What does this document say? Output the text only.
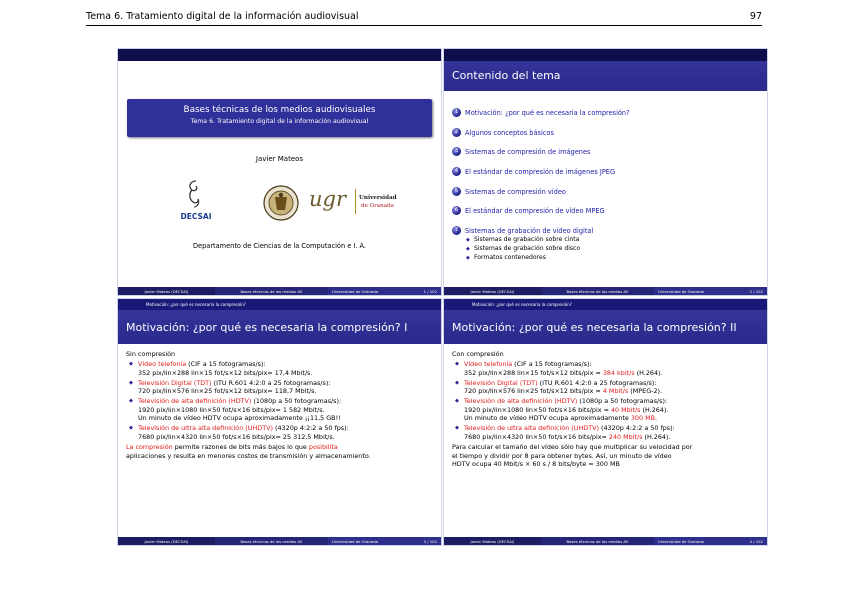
Tema 6. Tratamiento digital de la información audiovisual	97
Bases técnicas de los medios audiovisuales
Tema 6. Tratamiento digital de la información audiovisual
Javier Mateos
DECSAI
ugr Universidad
de Granada
Departamento de Ciencias de la Computación e I. A.
Javier Mateos (DECSAI)	Bases técnicas de los medios AV	Universidad de Granada	1 / 102
Contenido del tema
1	Motivación: ¿por qué es necesaria la compresión?
2	Algunos conceptos básicos
3	Sistemas de compresión de imágenes
4	El estándar de compresión de imágenes JPEG
5	Sistemas de compresión vídeo
6	El estándar de compresión de vídeo MPEG
7	Sistemas de grabación de vídeo digital
◆ Sistemas de grabación sobre cinta
◆ Sistemas de grabación sobre disco
◆ Formatos contenedores
Javier Mateos (DECSAI)	Bases técnicas de los medios AV	Universidad de Granada	2 / 102
Motivación: ¿por qué es necesaria la compresión?
Motivación: ¿por qué es necesaria la compresión? I

Sin compresión

◆ Vídeo telefonía (CIF a 15 fotogramas/s):
352 pix/lin×288 lin×15 fot/s×12 bits/pix= 17,4 Mbit/s.
◆ Televisión Digital (TDT) (ITU R.601 4:2:0 a 25 fotogramas/s):
720 pix/lin×576 lin×25 fot/s×12 bits/pix= 118,7 Mbit/s.
◆ Televisión de alta definición (HDTV) (1080p a 50 fotogramas/s):
1920 pix/lin×1080 lin×50 fot/s×16 bits/pix= 1 582 Mbit/s.

Un minuto de vídeo HDTV ocupa aproximadamente ¡¡11,5 GB!!

◆ Televisión de ultra alta definición (UHDTV) (4320p 4:2:2 a 50 fps):
7680 pix/lin×4320 lin×50 fot/s×16 bits/pix= 25 312,5 Mbit/s.

La compresión permite razones de bits más bajos lo que posibilita
aplicaciones y resulta en menores costos de transmisión y almacenamiento.

Javier Mateos (DECSAI)	Bases técnicas de los medios AV	Universidad de Granada	3 / 102
Motivación: ¿por qué es necesaria la compresión?
Motivación: ¿por qué es necesaria la compresión? II

Con compresión

◆ Vídeo telefonía (CIF a 15 fotogramas/s):
352 pix/lin×288 lin×15 fot/s×12 bits/pix ≈ 384 kbit/s (H.264).
◆ Televisión Digital (TDT) (ITU R.601 4:2:0 a 25 fotogramas/s):
720 pix/lin×576 lin×25 fot/s×12 bits/pix ≈ 4 Mbit/s (MPEG-2).
◆ Televisión de alta definición (HDTV) (1080p a 50 fotogramas/s):
1920 pix/lin×1080 lin×50 fot/s×16 bits/pix ≈ 40 Mbit/s (H.264).

Un minuto de vídeo HDTV ocupa aproximadamente 300 MB.

◆ Televisión de ultra alta definición (UHDTV) (4320p 4:2:2 a 50 fps):
7680 pix/lin×4320 lin×50 fot/s×16 bits/pix≈ 240 Mbit/s (H.264).

Para calcular el tamaño del vídeo sólo hay que multiplicar su velocidad por
el tiempo y dividir por 8 para obtener bytes. Así, un minuto de vídeo
HDTV ocupa 40 Mbit/s × 60 s / 8 bits/byte = 300 MB

Javier Mateos (DECSAI)	Bases técnicas de los medios AV	Universidad de Granada	4 / 102
